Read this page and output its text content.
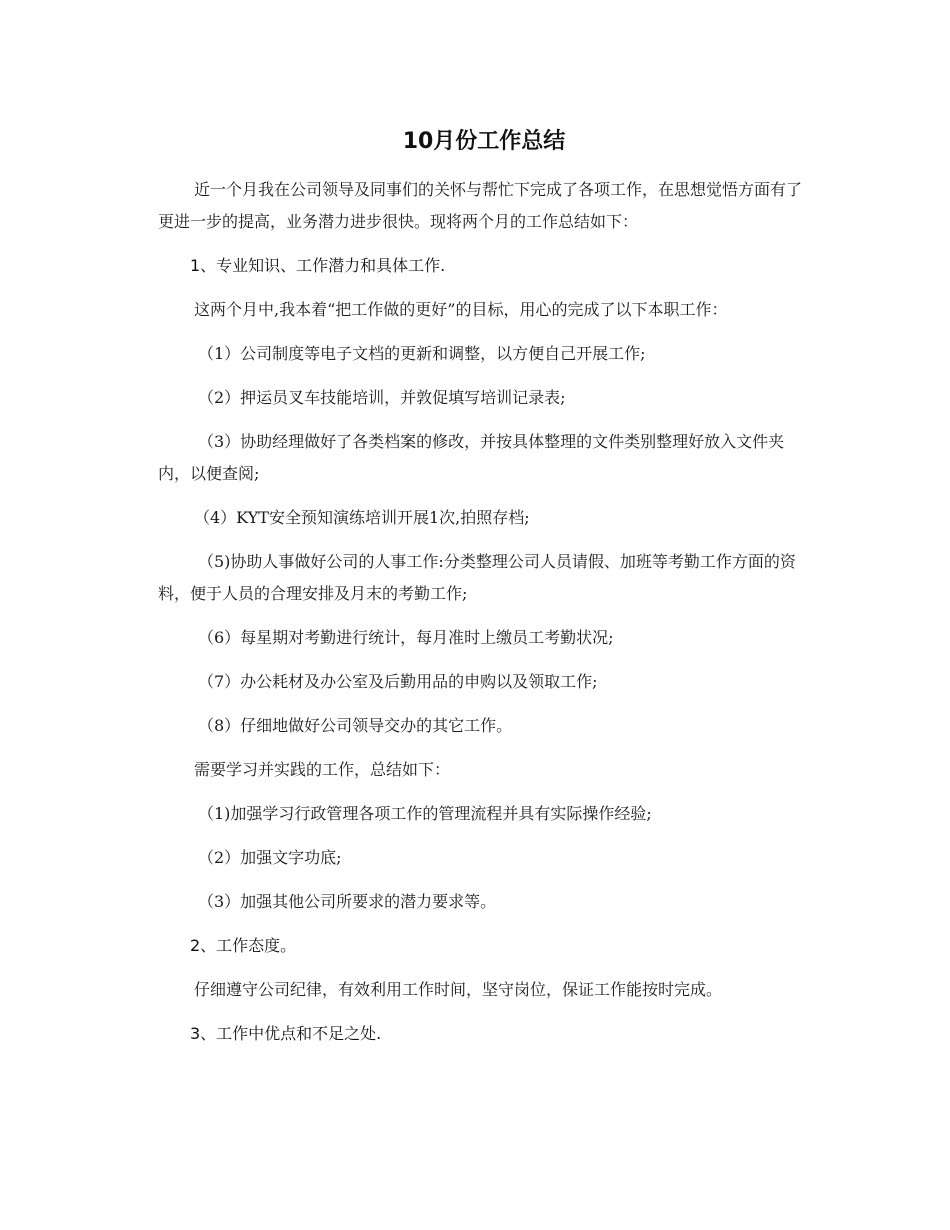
10月份工作总结

近一个月我在公司领导及同事们的关怀与帮忙下完成了各项工作，在思想觉悟方面有了更进一步的提高，业务潜力进步很快。现将两个月的工作总结如下：

1、专业知识、工作潜力和具体工作.

这两个月中,我本着“把工作做的更好”的目标，用心的完成了以下本职工作：

（1）公司制度等电子文档的更新和调整，以方便自己开展工作;

（2）押运员叉车技能培训，并敦促填写培训记录表;

（3）协助经理做好了各类档案的修改，并按具体整理的文件类别整理好放入文件夹内，以便查阅;

（4）KYT安全预知演练培训开展1次,拍照存档;

（5)协助人事做好公司的人事工作:分类整理公司人员请假、加班等考勤工作方面的资料，便于人员的合理安排及月末的考勤工作;

（6）每星期对考勤进行统计，每月准时上缴员工考勤状况;

（7）办公耗材及办公室及后勤用品的申购以及领取工作;

（8）仔细地做好公司领导交办的其它工作。

需要学习并实践的工作，总结如下：

（1)加强学习行政管理各项工作的管理流程并具有实际操作经验;

（2）加强文字功底;

（3）加强其他公司所要求的潜力要求等。

2、工作态度。

仔细遵守公司纪律，有效利用工作时间，坚守岗位，保证工作能按时完成。

3、工作中优点和不足之处.
